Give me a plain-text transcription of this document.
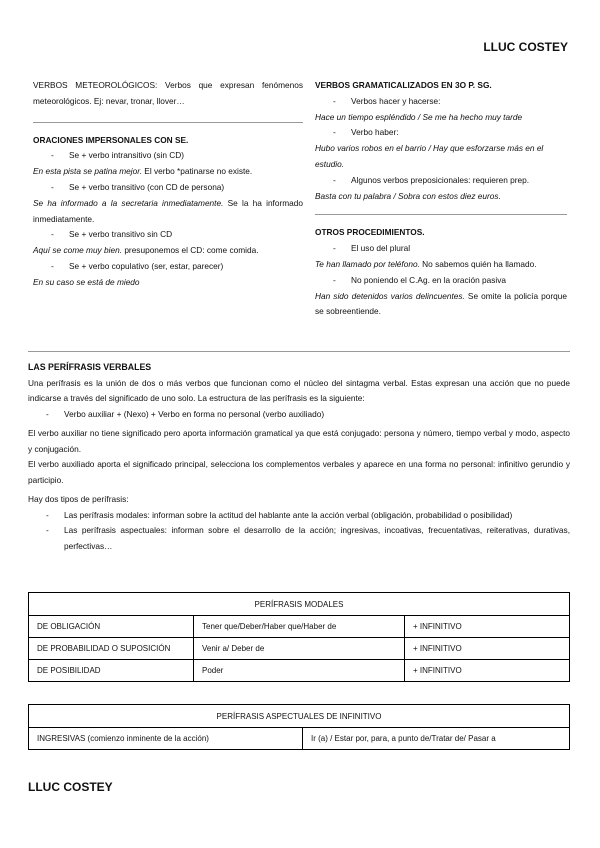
LLUC COSTEY
VERBOS METEOROLÓGICOS: Verbos que expresan fenómenos meteorológicos. Ej: nevar, tronar, llover…
ORACIONES IMPERSONALES CON SE.
- Se + verbo intransitivo (sin CD)
En esta pista se patina mejor. El verbo *patinarse no existe.
- Se + verbo transitivo (con CD de persona)
Se ha informado a la secretaria inmediatamente. Se la ha informado inmediatamente.
- Se + verbo transitivo sin CD
Aquí se come muy bien. presuponemos el CD: come comida.
- Se + verbo copulativo (ser, estar, parecer)
En su caso se está de miedo
VERBOS GRAMATICALIZADOS EN 3O P. SG.
- Verbos hacer y hacerse:
Hace un tiempo espléndido / Se me ha hecho muy tarde
- Verbo haber:
Hubo varios robos en el barrio / Hay que esforzarse más en el estudio.
- Algunos verbos preposicionales: requieren prep.
Basta con tu palabra / Sobra con estos diez euros.
OTROS PROCEDIMIENTOS.
- El uso del plural
Te han llamado por teléfono. No sabemos quién ha llamado.
- No poniendo el C.Ag. en la oración pasiva
Han sido detenidos varios delincuentes. Se omite la policía porque se sobreentiende.
LAS PERÍFRASIS VERBALES
Una perífrasis es la unión de dos o más verbos que funcionan como el núcleo del sintagma verbal. Estas expresan una acción que no puede indicarse a través del significado de uno solo. La estructura de las perífrasis es la siguiente:
- Verbo auxiliar + (Nexo) + Verbo en forma no personal (verbo auxiliado)
El verbo auxiliar no tiene significado pero aporta información gramatical ya que está conjugado: persona y número, tiempo verbal y modo, aspecto y conjugación.
El verbo auxiliado aporta el significado principal, selecciona los complementos verbales y aparece en una forma no personal: infinitivo gerundio y participio.
Hay dos tipos de perífrasis:
- Las perífrasis modales: informan sobre la actitud del hablante ante la acción verbal (obligación, probabilidad o posibilidad)
- Las perífrasis aspectuales: informan sobre el desarrollo de la acción; ingresivas, incoativas, frecuentativas, reiterativas, durativas, perfectivas…
PERÍFRASIS MODALES		
DE OBLIGACIÓN	Tener que/Deber/Haber que/Haber de	+ INFINITIVO
DE PROBABILIDAD O SUPOSICIÓN	Venir a/ Deber de	+ INFINITIVO
DE POSIBILIDAD	Poder	+ INFINITIVO
PERÍFRASIS ASPECTUALES DE INFINITIVO
INGRESIVAS (comienzo inminente de la acción)	Ir (a) / Estar por, para, a punto de/Tratar de/ Pasar a
LLUC COSTEY
